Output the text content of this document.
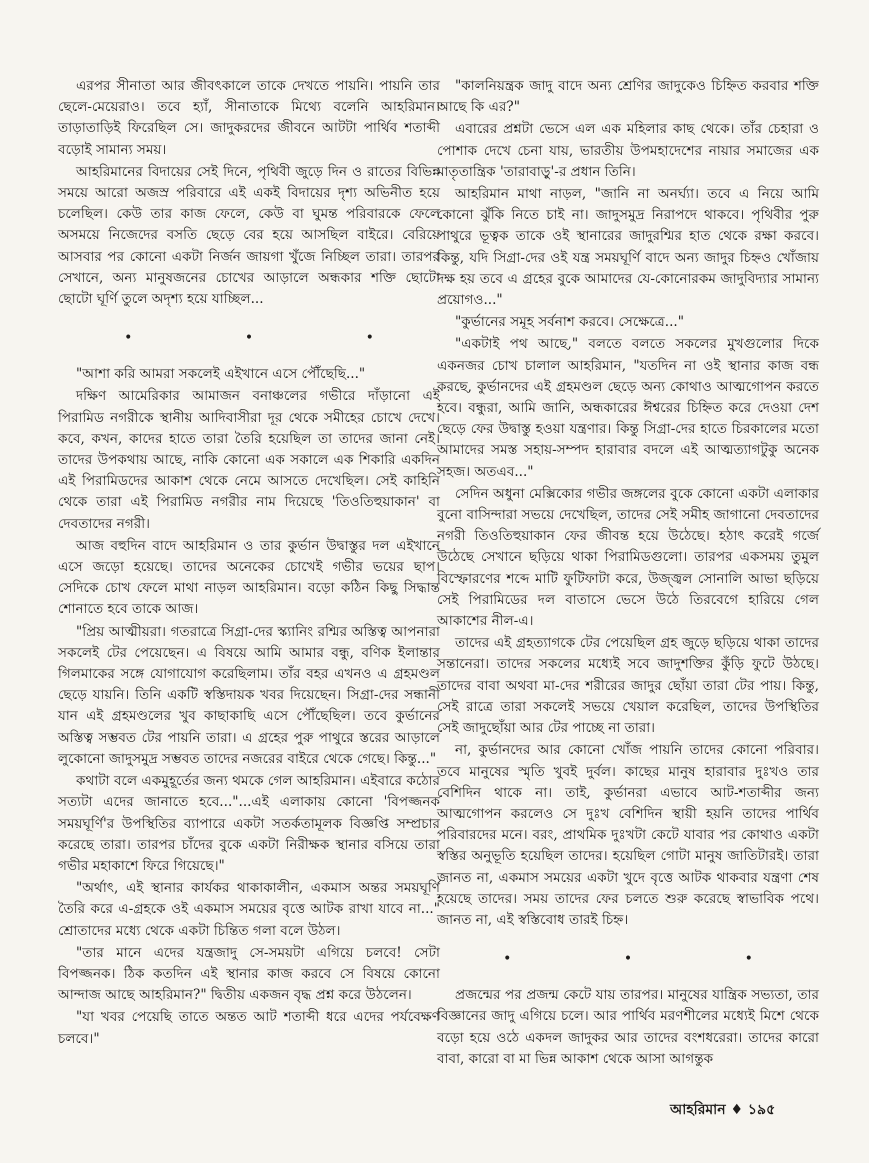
এরপর সীনাতা আর জীবৎকালে তাকে দেখতে পায়নি। পায়নি তার ছেলে-মেয়েরাও। তবে হ্যাঁ, সীনাতাকে মিথ্যে বলেনি আহরিমান। তাড়াতাড়িই ফিরেছিল সে। জাদুকরদের জীবনে আটটা পার্থিব শতাব্দী বড়োই সামান্য সময়।

আহরিমানের বিদায়ের সেই দিনে, পৃথিবী জুড়ে দিন ও রাতের বিভিন্ন সময়ে আরো অজস্র পরিবারে এই একই বিদায়ের দৃশ্য অভিনীত হয়ে চলেছিল। কেউ তার কাজ ফেলে, কেউ বা ঘুমন্ত পরিবারকে ফেলে অসময়ে নিজেদের বসতি ছেড়ে বের হয়ে আসছিল বাইরে। বেরিয়ে আসবার পর কোনো একটা নির্জন জায়গা খুঁজে নিচ্ছিল তারা। তারপর সেখানে, অন্য মানুষজনের চোখের আড়ালে অন্ধকার শক্তি ছোটো ছোটো ঘূর্ণি তুলে অদৃশ্য হয়ে যাচ্ছিল...

• • •

"আশা করি আমরা সকলেই এইখানে এসে পৌঁছেছি..."

দক্ষিণ আমেরিকার আমাজন বনাঞ্চলের গভীরে দাঁড়ানো এই পিরামিড নগরীকে স্থানীয় আদিবাসীরা দূর থেকে সমীহের চোখে দেখে। কবে, কখন, কাদের হাতে তারা তৈরি হয়েছিল তা তাদের জানা নেই। তাদের উপকথায় আছে, নাকি কোনো এক সকালে এক শিকারি একদিন এই পিরামিডদের আকাশ থেকে নেমে আসতে দেখেছিল। সেই কাহিনি থেকে তারা এই পিরামিড নগরীর নাম দিয়েছে 'তিওতিহুয়াকান' বা দেবতাদের নগরী।

আজ বহুদিন বাদে আহরিমান ও তার কুর্ভান উদ্বাস্তুর দল এইখানে এসে জড়ো হয়েছে। তাদের অনেকের চোখেই গভীর ভয়ের ছাপ। সেদিকে চোখ ফেলে মাথা নাড়ল আহরিমান। বড়ো কঠিন কিছু সিদ্ধান্ত শোনাতে হবে তাকে আজ।

"প্রিয় আত্মীয়রা। গতরাত্রে সিগ্রা-দের স্ক্যানিং রশ্মির অস্তিত্ব আপনারা সকলেই টের পেয়েছেন। এ বিষয়ে আমি আমার বন্ধু, বণিক ইলান্তার গিলমাকের সঙ্গে যোগাযোগ করেছিলাম। তাঁর বহর এখনও এ গ্রহমণ্ডল ছেড়ে যায়নি। তিনি একটি স্বস্তিদায়ক খবর দিয়েছেন। সিগ্রা-দের সন্ধানী যান এই গ্রহমণ্ডলের খুব কাছাকাছি এসে পৌঁছেছিল। তবে কুর্ভানের অস্তিত্ব সম্ভবত টের পায়নি তারা। এ গ্রহের পুরু পাথুরে স্তরের আড়ালে লুকোনো জাদুসমুদ্র সম্ভবত তাদের নজরের বাইরে থেকে গেছে। কিন্তু..."

কথাটা বলে একমুহূর্তের জন্য থমকে গেল আহরিমান। এইবারে কঠোর সত্যটা এদের জানাতে হবে..."...এই এলাকায় কোনো 'বিপজ্জনক সময়ঘূর্ণি'র উপস্থিতির ব্যাপারে একটা সতর্কতামূলক বিজ্ঞপ্তি সম্প্রচার করেছে তারা। তারপর চাঁদের বুকে একটা নিরীক্ষক স্থানার বসিয়ে তারা গভীর মহাকাশে ফিরে গিয়েছে।"

"অর্থাৎ, এই স্থানার কার্যকর থাকাকালীন, একমাস অন্তর সময়ঘূর্ণি তৈরি করে এ-গ্রহকে ওই একমাস সময়ের বৃত্তে আটক রাখা যাবে না..." শ্রোতাদের মধ্যে থেকে একটা চিন্তিত গলা বলে উঠল।

"তার মানে এদের যন্ত্রজাদু সে-সময়টা এগিয়ে চলবে! সেটা বিপজ্জনক। ঠিক কতদিন এই স্থানার কাজ করবে সে বিষয়ে কোনো আন্দাজ আছে আহরিমান?" দ্বিতীয় একজন বৃদ্ধ প্রশ্ন করে উঠলেন।

"যা খবর পেয়েছি তাতে অন্তত আট শতাব্দী ধরে এদের পর্যবেক্ষণ চলবে।"

"কালনিয়ন্ত্রক জাদু বাদে অন্য শ্রেণির জাদুকেও চিহ্নিত করবার শক্তি আছে কি এর?"

এবারের প্রশ্নটা ভেসে এল এক মহিলার কাছ থেকে। তাঁর চেহারা ও পোশাক দেখে চেনা যায়, ভারতীয় উপমহাদেশের নায়ার সমাজের এক মাতৃতান্ত্রিক 'তারাবাড়ু'-র প্রধান তিনি।

আহরিমান মাথা নাড়ল, "জানি না অনর্ঘ্যা। তবে এ নিয়ে আমি কোনো ঝুঁকি নিতে চাই না। জাদুসমুদ্র নিরাপদে থাকবে। পৃথিবীর পুরু পাথুরে ভূত্বক তাকে ওই স্থানারের জাদুরশ্মির হাত থেকে রক্ষা করবে। কিন্তু, যদি সিগ্রা-দের ওই যন্ত্র সময়ঘূর্ণি বাদে অন্য জাদুর চিহ্নও খোঁজায় দক্ষ হয় তবে এ গ্রহের বুকে আমাদের যে-কোনোরকম জাদুবিদ্যার সামান্য প্রয়োগও..."

"কুর্ভানের সমূহ সর্বনাশ করবে। সেক্ষেত্রে..."

"একটাই পথ আছে," বলতে বলতে সকলের মুখগুলোর দিকে একনজর চোখ চালাল আহরিমান, "যতদিন না ওই স্থানার কাজ বন্ধ করছে, কুর্ভানদের এই গ্রহমণ্ডল ছেড়ে অন্য কোথাও আত্মগোপন করতে হবে। বন্ধুরা, আমি জানি, অন্ধকারের ঈশ্বরের চিহ্নিত করে দেওয়া দেশ ছেড়ে ফের উদ্বাস্তু হওয়া যন্ত্রণার। কিন্তু সিগ্রা-দের হাতে চিরকালের মতো আমাদের সমস্ত সহায়-সম্পদ হারাবার বদলে এই আত্মত্যাগটুকু অনেক সহজ। অতএব..."

সেদিন অধুনা মেক্সিকোর গভীর জঙ্গলের বুকে কোনো একটা এলাকার বুনো বাসিন্দারা সভয়ে দেখেছিল, তাদের সেই সমীহ জাগানো দেবতাদের নগরী তিওতিহুয়াকান ফের জীবন্ত হয়ে উঠেছে। হঠাৎ করেই গর্জে উঠেছে সেখানে ছড়িয়ে থাকা পিরামিডগুলো। তারপর একসময় তুমুল বিস্ফোরণের শব্দে মাটি ফুটিফাটা করে, উজ্জ্বল সোনালি আভা ছড়িয়ে সেই পিরামিডের দল বাতাসে ভেসে উঠে তিরবেগে হারিয়ে গেল আকাশের নীল-এ।

তাদের এই গ্রহত্যাগকে টের পেয়েছিল গ্রহ জুড়ে ছড়িয়ে থাকা তাদের সন্তানেরা। তাদের সকলের মধ্যেই সবে জাদুশক্তির কুঁড়ি ফুটে উঠছে। তাদের বাবা অথবা মা-দের শরীরের জাদুর ছোঁয়া তারা টের পায়। কিন্তু, সেই রাত্রে তারা সকলেই সভয়ে খেয়াল করেছিল, তাদের উপস্থিতির সেই জাদুছোঁয়া আর টের পাচ্ছে না তারা।

না, কুর্ভানদের আর কোনো খোঁজ পায়নি তাদের কোনো পরিবার। তবে মানুষের স্মৃতি খুবই দুর্বল। কাছের মানুষ হারাবার দুঃখও তার বেশিদিন থাকে না। তাই, কুর্ভানরা এভাবে আট-শতাব্দীর জন্য আত্মগোপন করলেও সে দুঃখ বেশিদিন স্থায়ী হয়নি তাদের পার্থিব পরিবারদের মনে। বরং, প্রাথমিক দুঃখটা কেটে যাবার পর কোথাও একটা স্বস্তির অনুভূতি হয়েছিল তাদের। হয়েছিল গোটা মানুষ জাতিটারই। তারা জানত না, একমাস সময়ের একটা খুদে বৃত্তে আটক থাকবার যন্ত্রণা শেষ হয়েছে তাদের। সময় তাদের ফের চলতে শুরু করেছে স্বাভাবিক পথে। জানত না, এই স্বস্তিবোধ তারই চিহ্ন।

• • •

প্রজন্মের পর প্রজন্ম কেটে যায় তারপর। মানুষের যান্ত্রিক সভ্যতা, তার বিজ্ঞানের জাদু এগিয়ে চলে। আর পার্থিব মরণশীলের মধ্যেই মিশে থেকে বড়ো হয়ে ওঠে একদল জাদুকর আর তাদের বংশধরেরা। তাদের কারো বাবা, কারো বা মা ভিন্ন আকাশ থেকে আসা আগন্তুক

আহরিমান ♦ ১৯৫
